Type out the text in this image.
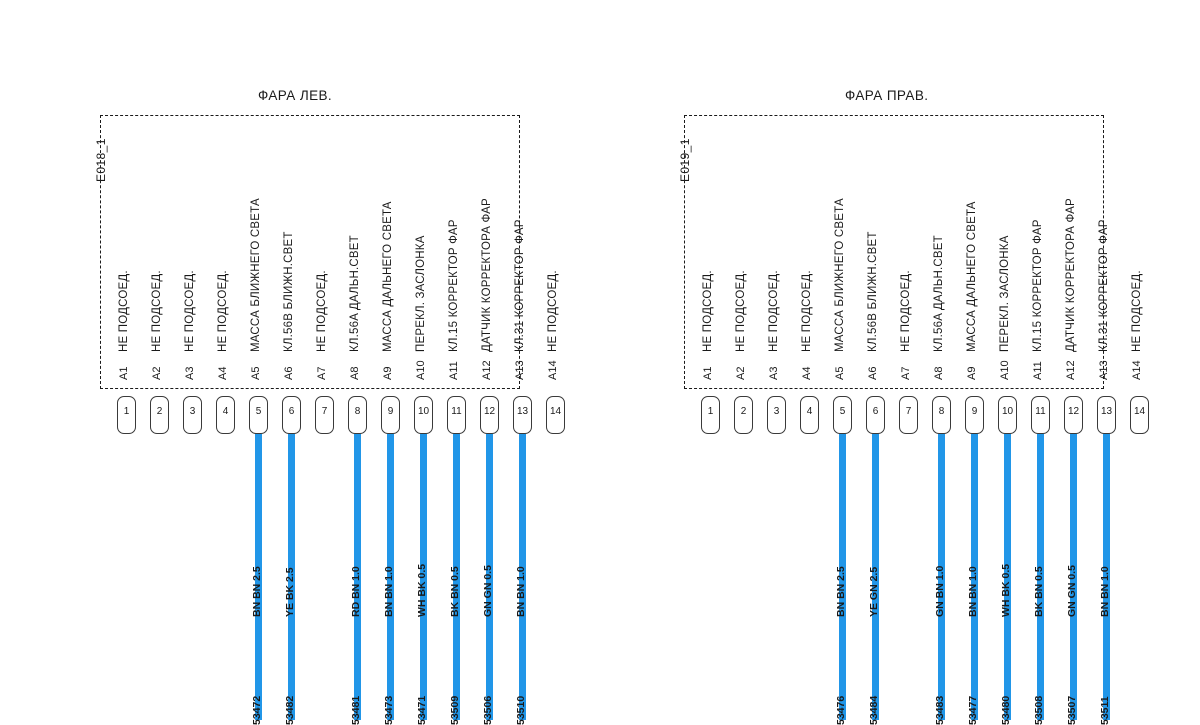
ФАРА ЛЕВ.
E018_1
НЕ ПОДСОЕД.
A1
1
НЕ ПОДСОЕД.
A2
2
НЕ ПОДСОЕД.
A3
3
НЕ ПОДСОЕД.
A4
4
МАССА БЛИЖНЕГО СВЕТА
A5
5
BN BN 2.5
53472
КЛ.56B БЛИЖН.СВЕТ
A6
6
YE BK 2.5
53482
НЕ ПОДСОЕД.
A7
7
КЛ.56A ДАЛЬН.СВЕТ
A8
8
RD BN 1.0
53481
МАССА ДАЛЬНЕГО СВЕТА
A9
9
BN BN 1.0
53473
ПЕРЕКЛ. ЗАСЛОНКА
A10
10
WH BK 0.5
53471
КЛ.15 КОРРЕКТОР ФАР
A11
11
BK BN 0.5
53509
ДАТЧИК КОРРЕКТОРА ФАР
A12
12
GN GN 0.5
53506
КЛ.31 КОРРЕКТОР ФАР
A13
13
BN BN 1.0
53510
НЕ ПОДСОЕД.
A14
14
ФАРА ПРАВ.
E019_1
НЕ ПОДСОЕД.
A1
1
НЕ ПОДСОЕД.
A2
2
НЕ ПОДСОЕД.
A3
3
НЕ ПОДСОЕД.
A4
4
МАССА БЛИЖНЕГО СВЕТА
A5
5
BN BN 2.5
53476
КЛ.56B БЛИЖН.СВЕТ
A6
6
YE GN 2.5
53484
НЕ ПОДСОЕД.
A7
7
КЛ.56A ДАЛЬН.СВЕТ
A8
8
GN BN 1.0
53483
МАССА ДАЛЬНЕГО СВЕТА
A9
9
BN BN 1.0
53477
ПЕРЕКЛ. ЗАСЛОНКА
A10
10
WH BK 0.5
53480
КЛ.15 КОРРЕКТОР ФАР
A11
11
BK BN 0.5
53508
ДАТЧИК КОРРЕКТОРА ФАР
A12
12
GN GN 0.5
53507
КЛ.31 КОРРЕКТОР ФАР
A13
13
BN BN 1.0
53511
НЕ ПОДСОЕД.
A14
14
